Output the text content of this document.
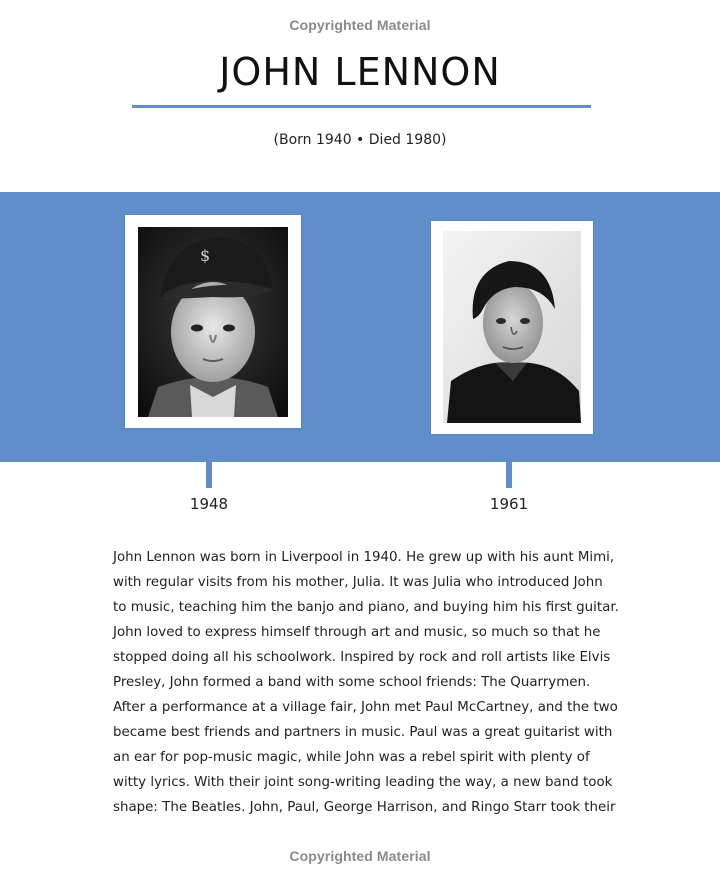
Copyrighted Material
JOHN LENNON
(Born 1940 • Died 1980)
$
1948	1961

John Lennon was born in Liverpool in 1940. He grew up with his aunt Mimi,
with regular visits from his mother, Julia. It was Julia who introduced John
to music, teaching him the banjo and piano, and buying him his first guitar.
John loved to express himself through art and music, so much so that he
stopped doing all his schoolwork. Inspired by rock and roll artists like Elvis
Presley, John formed a band with some school friends: The Quarrymen.
After a performance at a village fair, John met Paul McCartney, and the two
became best friends and partners in music. Paul was a great guitarist with
an ear for pop-music magic, while John was a rebel spirit with plenty of
witty lyrics. With their joint song-writing leading the way, a new band took
shape: The Beatles. John, Paul, George Harrison, and Ringo Starr took their

Copyrighted Material
